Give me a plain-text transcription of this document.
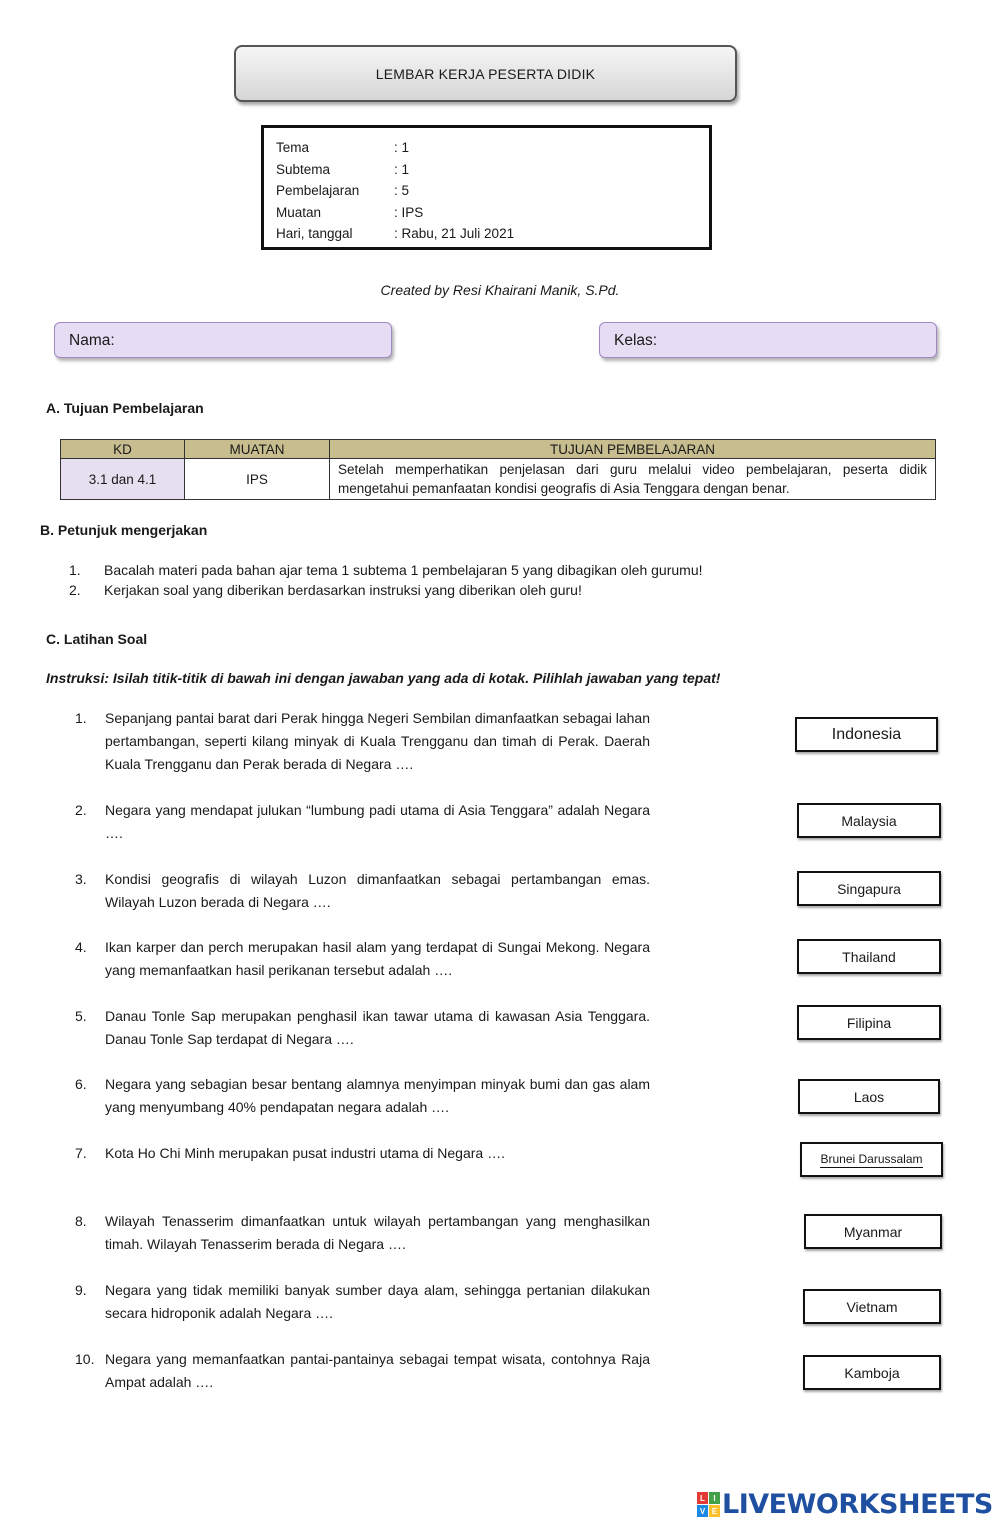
LEMBAR KERJA PESERTA DIDIK
Tema	: 1
Subtema	: 1
Pembelajaran	: 5
Muatan	: IPS
Hari, tanggal	: Rabu, 21 Juli 2021
Created by Resi Khairani Manik, S.Pd.
Nama:	Kelas:
A. Tujuan Pembelajaran
KD	MUATAN	TUJUAN PEMBELAJARAN
3.1 dan 4.1	IPS	Setelah memperhatikan penjelasan dari guru melalui video pembelajaran, peserta didik mengetahui pemanfaatan kondisi geografis di Asia Tenggara dengan benar.
B. Petunjuk mengerjakan
1. Bacalah materi pada bahan ajar tema 1 subtema 1 pembelajaran 5 yang dibagikan oleh gurumu!
2. Kerjakan soal yang diberikan berdasarkan instruksi yang diberikan oleh guru!
C. Latihan Soal
Instruksi: Isilah titik-titik di bawah ini dengan jawaban yang ada di kotak. Pilihlah jawaban yang tepat!
1.	Sepanjang pantai barat dari Perak hingga Negeri Sembilan dimanfaatkan sebagai lahan pertambangan, seperti kilang minyak di Kuala Trengganu dan timah di Perak. Daerah Kuala Trengganu dan Perak berada di Negara ….
2.	Negara yang mendapat julukan “lumbung padi utama di Asia Tenggara” adalah Negara ….
3.	Kondisi geografis di wilayah Luzon dimanfaatkan sebagai pertambangan emas. Wilayah Luzon berada di Negara ….
4.	Ikan karper dan perch merupakan hasil alam yang terdapat di Sungai Mekong. Negara yang memanfaatkan hasil perikanan tersebut adalah ….
5.	Danau Tonle Sap merupakan penghasil ikan tawar utama di kawasan Asia Tenggara. Danau Tonle Sap terdapat di Negara ….
6.	Negara yang sebagian besar bentang alamnya menyimpan minyak bumi dan gas alam yang menyumbang 40% pendapatan negara adalah ….
7.	Kota Ho Chi Minh merupakan pusat industri utama di Negara ….
8.	Wilayah Tenasserim dimanfaatkan untuk wilayah pertambangan yang menghasilkan timah. Wilayah Tenasserim berada di Negara ….
9.	Negara yang tidak memiliki banyak sumber daya alam, sehingga pertanian dilakukan secara hidroponik adalah Negara ….
10. Negara yang memanfaatkan pantai-pantainya sebagai tempat wisata, contohnya Raja Ampat adalah ….
Indonesia
Malaysia
Singapura
Thailand
Filipina
Laos
Brunei Darussalam
Myanmar
Vietnam
Kamboja
L	I
V E LIVEWORKSHEETS
